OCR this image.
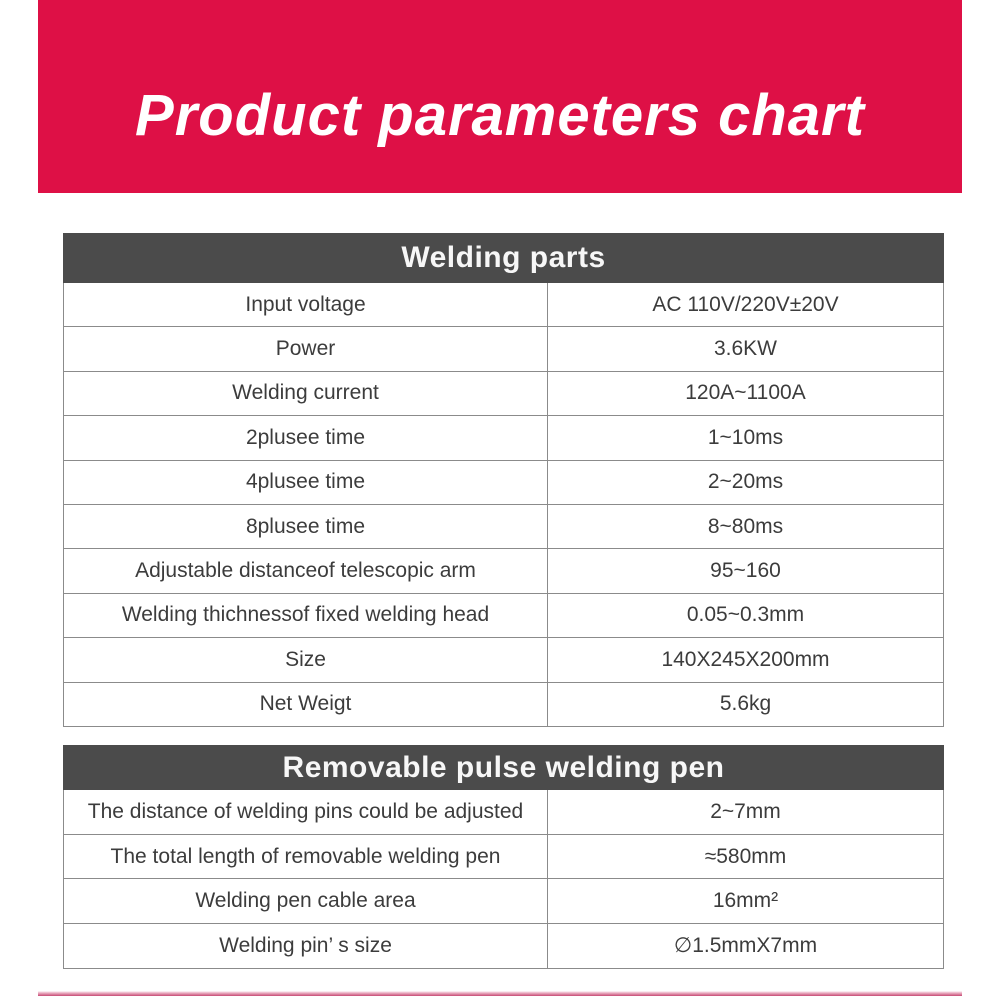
Product parameters chart
Welding parts	
Input voltage	AC 110V/220V±20V
Power	3.6KW
Welding current	120A~1100A
2plusee time	1~10ms
4plusee time	2~20ms
8plusee time	8~80ms
Adjustable distanceof telescopic arm	95~160
Welding thichnessof fixed welding head	0.05~0.3mm
Size	140X245X200mm
Net Weigt	5.6kg
Removable pulse welding pen	
The distance of welding pins could be adjusted	2~7mm
The total length of removable welding pen	≈580mm
Welding pen cable area	16mm²
Welding pin’ s size	∅1.5mmX7mm
